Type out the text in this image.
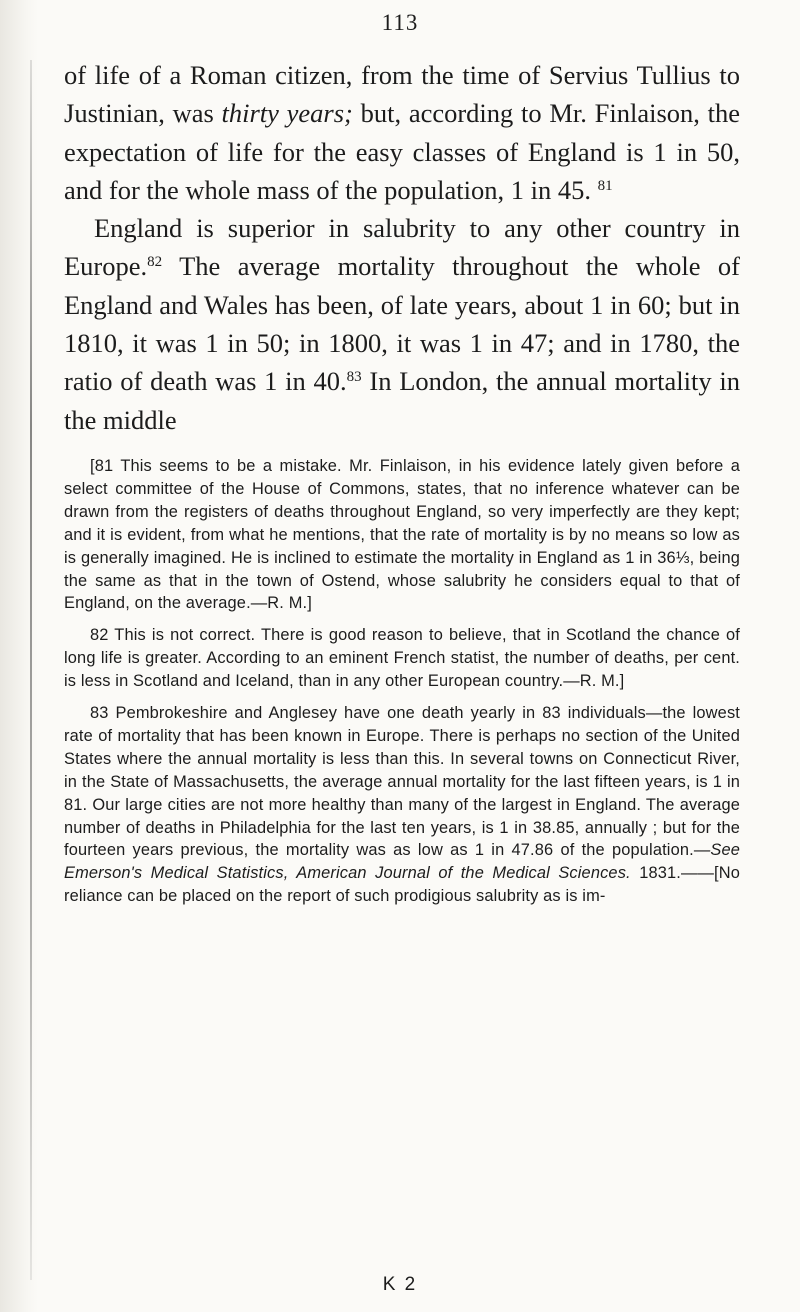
113

of life of a Roman citizen, from the time of Servius Tullius to Justinian, was thirty years; but, according to Mr. Finlaison, the expectation of life for the easy classes of England is 1 in 50, and for the whole mass of the population, 1 in 45. $^{81}$

England is superior in salubrity to any other country in Europe.$^{82}$ The average mortality throughout the whole of England and Wales has been, of late years, about 1 in 60; but in 1810, it was 1 in 50; in 1800, it was 1 in 47; and in 1780, the ratio of death was 1 in 40.83 In London, the annual mortality in the middle

[81 This seems to be a mistake. Mr. Finlaison, in his evidence lately given before a select committee of the House of Commons, states, that no inference whatever can be drawn from the registers of deaths throughout England, so very imperfectly are they kept; and it is evident, from what he mentions, that the rate of mortality is by no means so low as is generally imagined. He is inclined to estimate the mortality in England as 1 in 36⅓, being the same as that in the town of Ostend, whose salubrity he considers equal to that of England, on the average.—R. M.]

82 This is not correct. There is good reason to believe, that in Scotland the chance of long life is greater. According to an eminent French statist, the number of deaths, per cent. is less in Scotland and Iceland, than in any other European country.—R. M.]

83 Pembrokeshire and Anglesey have one death yearly in 83 individuals—the lowest rate of mortality that has been known in Europe. There is perhaps no section of the United States where the annual mortality is less than this. In several towns on Connecticut River, in the State of Massachusetts, the average annual mortality for the last fifteen years, is 1 in 81. Our large cities are not more healthy than many of the largest in England. The average number of deaths in Philadelphia for the last ten years, is 1 in 38.85, annually ; but for the fourteen years previous, the mortality was as low as 1 in 47.86 of the population.—See Emerson's Medical Statistics, American Journal of the Medical Sciences. 1831.——[No reliance can be placed on the report of such prodigious salubrity as is im-

K 2
